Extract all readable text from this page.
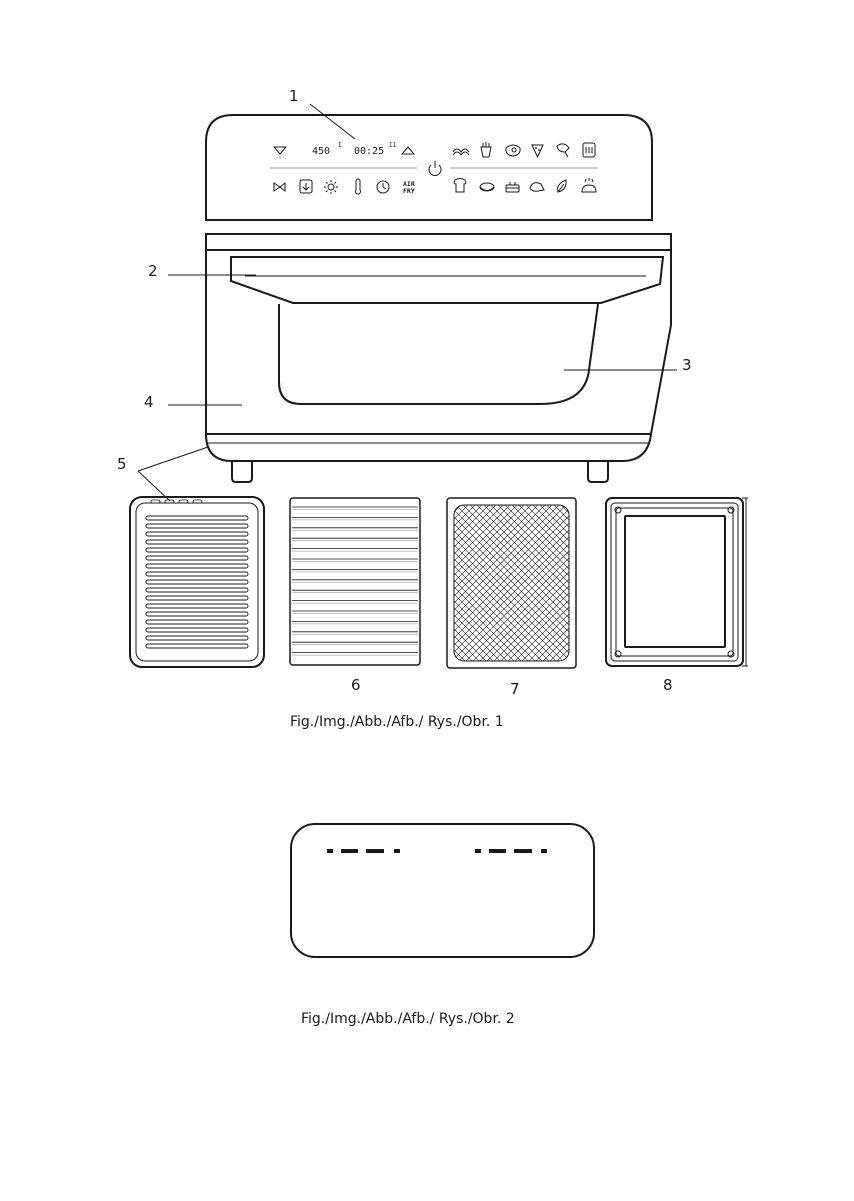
450
I
00:25
II
AIR
FRY
1
2
3
4
5
6	7	8
Fig./Img./Abb./Afb./ Rys./Obr. 1
Fig./Img./Abb./Afb./ Rys./Obr. 2
